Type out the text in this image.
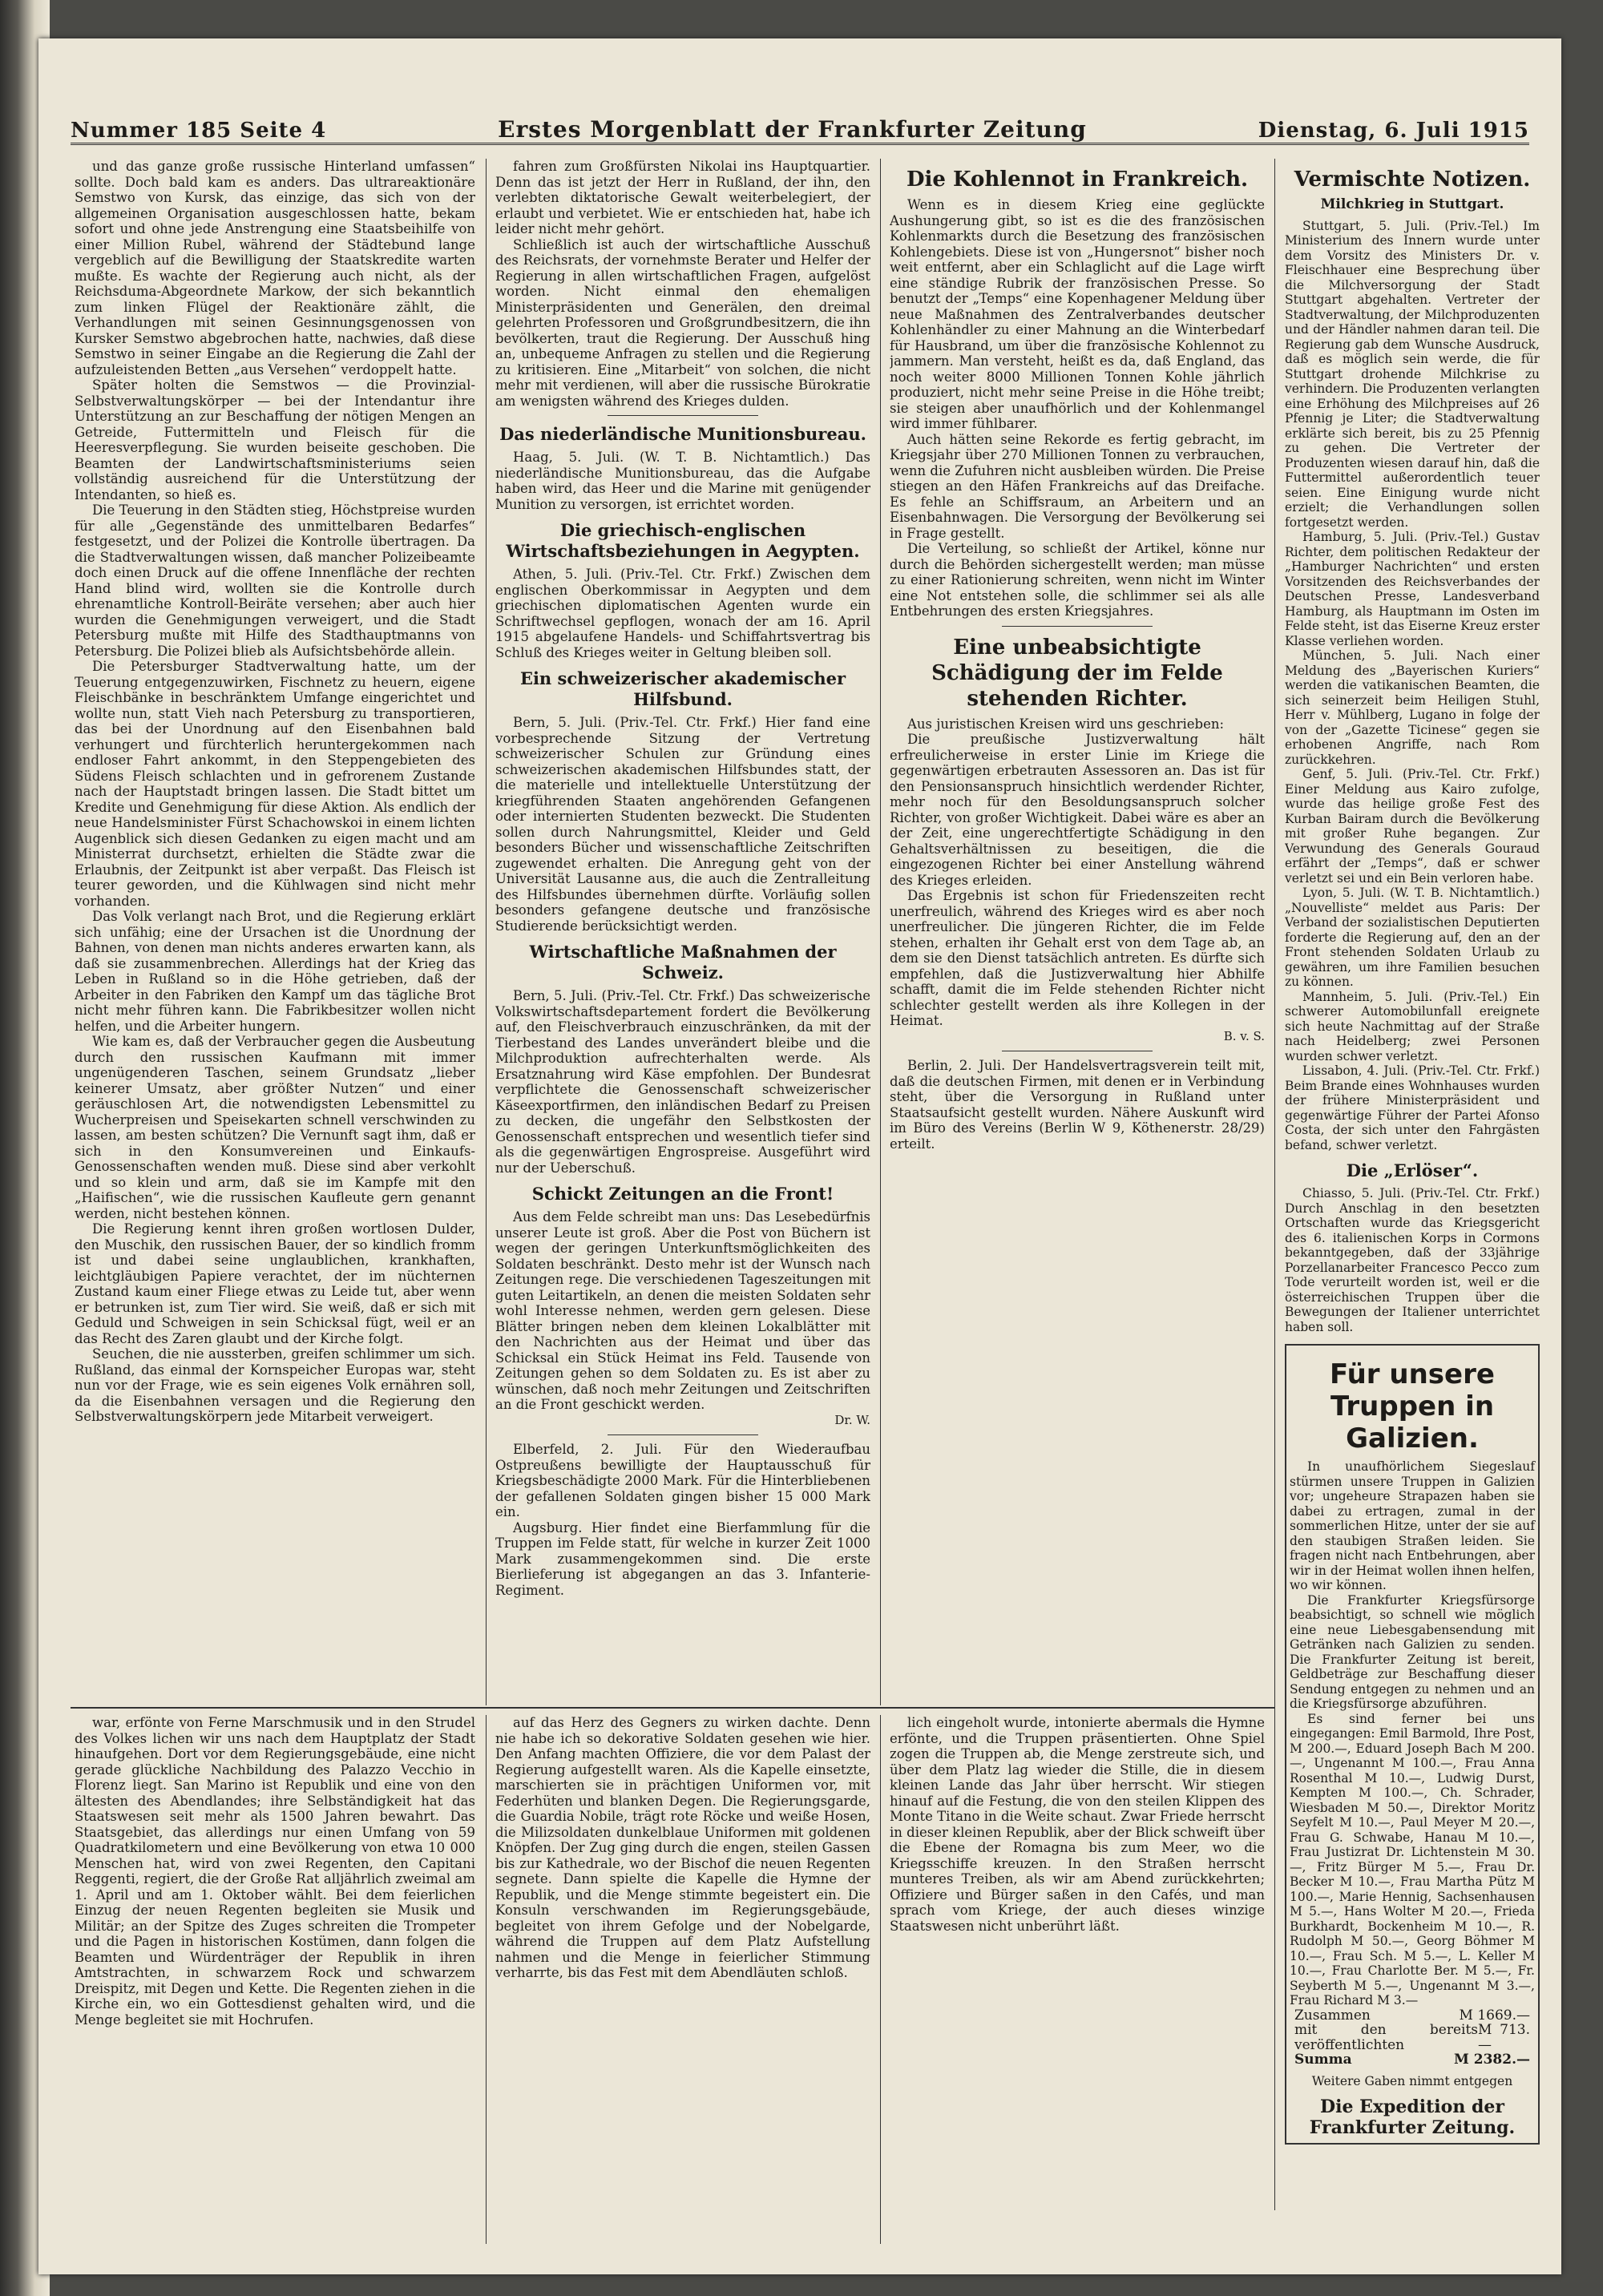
Nummer 185 Seite 4	Erstes Morgenblatt der Frankfurter Zeitung	Dienstag, 6. Juli 1915

und das ganze große russische Hinterland umfassen“ sollte. Doch bald kam es anders. Das ultrareaktionäre Semstwo von Kursk, das einzige, das sich von der allgemeinen Organisation ausgeschlossen hatte, bekam sofort und ohne jede Anstrengung eine Staatsbeihilfe von einer Million Rubel, während der Städtebund lange vergeblich auf die Bewilligung der Staatskredite warten mußte. Es wachte der Regierung auch nicht, als der Reichsduma-Abgeordnete Markow, der sich bekanntlich zum linken Flügel der Reaktionäre zählt, die Verhandlungen mit seinen Gesinnungsgenossen von Kursker Semstwo abgebrochen hatte, nachwies, daß diese Semstwo in seiner Eingabe an die Regierung die Zahl der aufzuleistenden Betten „aus Versehen“ verdoppelt hatte.

Später holten die Semstwos — die Provinzial-Selbstverwaltungskörper — bei der Intendantur ihre Unterstützung an zur Beschaffung der nötigen Mengen an Getreide, Futtermitteln und Fleisch für die Heeresverpflegung. Sie wurden beiseite geschoben. Die Beamten der Landwirtschaftsministeriums seien vollständig ausreichend für die Unterstützung der Intendanten, so hieß es.

Die Teuerung in den Städten stieg, Höchstpreise wurden für alle „Gegenstände des unmittelbaren Bedarfes“ festgesetzt, und der Polizei die Kontrolle übertragen. Da die Stadtverwaltungen wissen, daß mancher Polizeibeamte doch einen Druck auf die offene Innenfläche der rechten Hand blind wird, wollten sie die Kontrolle durch ehrenamtliche Kontroll-Beiräte versehen; aber auch hier wurden die Genehmigungen verweigert, und die Stadt Petersburg mußte mit Hilfe des Stadthauptmanns von Petersburg. Die Polizei blieb als Aufsichtsbehörde allein.

Die Petersburger Stadtverwaltung hatte, um der Teuerung entgegenzuwirken, Fischnetz zu heuern, eigene Fleischbänke in beschränktem Umfange eingerichtet und wollte nun, statt Vieh nach Petersburg zu transportieren, das bei der Unordnung auf den Eisenbahnen bald verhungert und fürchterlich heruntergekommen nach endloser Fahrt ankommt, in den Steppengebieten des Südens Fleisch schlachten und in gefrorenem Zustande nach der Hauptstadt bringen lassen. Die Stadt bittet um Kredite und Genehmigung für diese Aktion. Als endlich der neue Handelsminister Fürst Schachowskoi in einem lichten Augenblick sich diesen Gedanken zu eigen macht und am Ministerrat durchsetzt, erhielten die Städte zwar die Erlaubnis, der Zeitpunkt ist aber verpaßt. Das Fleisch ist teurer geworden, und die Kühlwagen sind nicht mehr vorhanden.

Das Volk verlangt nach Brot, und die Regierung erklärt sich unfähig; eine der Ursachen ist die Unordnung der Bahnen, von denen man nichts anderes erwarten kann, als daß sie zusammenbrechen. Allerdings hat der Krieg das Leben in Rußland so in die Höhe getrieben, daß der Arbeiter in den Fabriken den Kampf um das tägliche Brot nicht mehr führen kann. Die Fabrikbesitzer wollen nicht helfen, und die Arbeiter hungern.

Wie kam es, daß der Verbraucher gegen die Ausbeutung durch den russischen Kaufmann mit immer ungenügenderen Taschen, seinem Grundsatz „lieber keinerer Umsatz, aber größter Nutzen“ und einer geräuschlosen Art, die notwendigsten Lebensmittel zu Wucherpreisen und Speisekarten schnell verschwinden zu lassen, am besten schützen? Die Vernunft sagt ihm, daß er sich in den Konsumvereinen und Einkaufs-Genossenschaften wenden muß. Diese sind aber verkohlt und so klein und arm, daß sie im Kampfe mit den „Haifischen“, wie die russischen Kaufleute gern genannt werden, nicht bestehen können.

Die Regierung kennt ihren großen wortlosen Dulder, den Muschik, den russischen Bauer, der so kindlich fromm ist und dabei seine unglaublichen, krankhaften, leichtgläubigen Papiere verachtet, der im nüchternen Zustand kaum einer Fliege etwas zu Leide tut, aber wenn er betrunken ist, zum Tier wird. Sie weiß, daß er sich mit Geduld und Schweigen in sein Schicksal fügt, weil er an das Recht des Zaren glaubt und der Kirche folgt.

Seuchen, die nie aussterben, greifen schlimmer um sich. Rußland, das einmal der Kornspeicher Europas war, steht nun vor der Frage, wie es sein eigenes Volk ernähren soll, da die Eisenbahnen versagen und die Regierung den Selbstverwaltungskörpern jede Mitarbeit verweigert.

fahren zum Großfürsten Nikolai ins Hauptquartier. Denn das ist jetzt der Herr in Rußland, der ihn, den verlebten diktatorische Gewalt weiterbelegiert, der erlaubt und verbietet. Wie er entschieden hat, habe ich leider nicht mehr gehört.

Schließlich ist auch der wirtschaftliche Ausschuß des Reichsrats, der vornehmste Berater und Helfer der Regierung in allen wirtschaftlichen Fragen, aufgelöst worden. Nicht einmal den ehemaligen Ministerpräsidenten und Generälen, den dreimal gelehrten Professoren und Großgrundbesitzern, die ihn bevölkerten, traut die Regierung. Der Ausschuß hing an, unbequeme Anfragen zu stellen und die Regierung zu kritisieren. Eine „Mitarbeit“ von solchen, die nicht mehr mit verdienen, will aber die russische Bürokratie am wenigsten während des Krieges dulden.

Das niederländische Munitionsbureau.

Haag, 5. Juli. (W. T. B. Nichtamtlich.) Das niederländische Munitionsbureau, das die Aufgabe haben wird, das Heer und die Marine mit genügender Munition zu versorgen, ist errichtet worden.

Die griechisch-englischen Wirtschaftsbeziehungen in Aegypten.

Athen, 5. Juli. (Priv.-Tel. Ctr. Frkf.) Zwischen dem englischen Oberkommissar in Aegypten und dem griechischen diplomatischen Agenten wurde ein Schriftwechsel gepflogen, wonach der am 16. April 1915 abgelaufene Handels- und Schiffahrtsvertrag bis Schluß des Krieges weiter in Geltung bleiben soll.

Ein schweizerischer akademischer Hilfsbund.

Bern, 5. Juli. (Priv.-Tel. Ctr. Frkf.) Hier fand eine vorbesprechende Sitzung der Vertretung schweizerischer Schulen zur Gründung eines schweizerischen akademischen Hilfsbundes statt, der die materielle und intellektuelle Unterstützung der kriegführenden Staaten angehörenden Gefangenen oder internierten Studenten bezweckt. Die Studenten sollen durch Nahrungsmittel, Kleider und Geld besonders Bücher und wissenschaftliche Zeitschriften zugewendet erhalten. Die Anregung geht von der Universität Lausanne aus, die auch die Zentralleitung des Hilfsbundes übernehmen dürfte. Vorläufig sollen besonders gefangene deutsche und französische Studierende berücksichtigt werden.

Wirtschaftliche Maßnahmen der Schweiz.

Bern, 5. Juli. (Priv.-Tel. Ctr. Frkf.) Das schweizerische Volkswirtschaftsdepartement fordert die Bevölkerung auf, den Fleischverbrauch einzuschränken, da mit der Tierbestand des Landes unverändert bleibe und die Milchproduktion aufrechterhalten werde. Als Ersatznahrung wird Käse empfohlen. Der Bundesrat verpflichtete die Genossenschaft schweizerischer Käseexportfirmen, den inländischen Bedarf zu Preisen zu decken, die ungefähr den Selbstkosten der Genossenschaft entsprechen und wesentlich tiefer sind als die gegenwärtigen Engrospreise. Ausgeführt wird nur der Ueberschuß.

Schickt Zeitungen an die Front!

Aus dem Felde schreibt man uns: Das Lesebedürfnis unserer Leute ist groß. Aber die Post von Büchern ist wegen der geringen Unterkunftsmöglichkeiten des Soldaten beschränkt. Desto mehr ist der Wunsch nach Zeitungen rege. Die verschiedenen Tageszeitungen mit guten Leitartikeln, an denen die meisten Soldaten sehr wohl Interesse nehmen, werden gern gelesen. Diese Blätter bringen neben dem kleinen Lokalblätter mit den Nachrichten aus der Heimat und über das Schicksal ein Stück Heimat ins Feld. Tausende von Zeitungen gehen so dem Soldaten zu. Es ist aber zu wünschen, daß noch mehr Zeitungen und Zeitschriften an die Front geschickt werden.

Dr. W.

Elberfeld, 2. Juli. Für den Wiederaufbau Ostpreußens bewilligte der Hauptausschuß für Kriegsbeschädigte 2000 Mark. Für die Hinterbliebenen der gefallenen Soldaten gingen bisher 15 000 Mark ein.

Augsburg. Hier findet eine Bierfammlung für die Truppen im Felde statt, für welche in kurzer Zeit 1000 Mark zusammengekommen sind. Die erste Bierlieferung ist abgegangen an das 3. Infanterie-Regiment.

Die Kohlennot in Frankreich.

Wenn es in diesem Krieg eine geglückte Aushungerung gibt, so ist es die des französischen Kohlenmarkts durch die Besetzung des französischen Kohlengebiets. Diese ist von „Hungersnot“ bisher noch weit entfernt, aber ein Schlaglicht auf die Lage wirft eine ständige Rubrik der französischen Presse. So benutzt der „Temps“ eine Kopenhagener Meldung über neue Maßnahmen des Zentralverbandes deutscher Kohlenhändler zu einer Mahnung an die Winterbedarf für Hausbrand, um über die französische Kohlennot zu jammern. Man versteht, heißt es da, daß England, das noch weiter 8000 Millionen Tonnen Kohle jährlich produziert, nicht mehr seine Preise in die Höhe treibt; sie steigen aber unaufhörlich und der Kohlenmangel wird immer fühlbarer.

Auch hätten seine Rekorde es fertig gebracht, im Kriegsjahr über 270 Millionen Tonnen zu verbrauchen, wenn die Zufuhren nicht ausbleiben würden. Die Preise stiegen an den Häfen Frankreichs auf das Dreifache. Es fehle an Schiffsraum, an Arbeitern und an Eisenbahnwagen. Die Versorgung der Bevölkerung sei in Frage gestellt.

Die Verteilung, so schließt der Artikel, könne nur durch die Behörden sichergestellt werden; man müsse zu einer Rationierung schreiten, wenn nicht im Winter eine Not entstehen solle, die schlimmer sei als alle Entbehrungen des ersten Kriegsjahres.

Eine unbeabsichtigte Schädigung der im Felde stehenden Richter.

Aus juristischen Kreisen wird uns geschrieben:

Die preußische Justizverwaltung hält erfreulicherweise in erster Linie im Kriege die gegenwärtigen erbetrauten Assessoren an. Das ist für den Pensionsanspruch hinsichtlich werdender Richter, mehr noch für den Besoldungsanspruch solcher Richter, von großer Wichtigkeit. Dabei wäre es aber an der Zeit, eine ungerechtfertigte Schädigung in den Gehaltsverhältnissen zu beseitigen, die die eingezogenen Richter bei einer Anstellung während des Krieges erleiden.

Das Ergebnis ist schon für Friedenszeiten recht unerfreulich, während des Krieges wird es aber noch unerfreulicher. Die jüngeren Richter, die im Felde stehen, erhalten ihr Gehalt erst von dem Tage ab, an dem sie den Dienst tatsächlich antreten. Es dürfte sich empfehlen, daß die Justizverwaltung hier Abhilfe schafft, damit die im Felde stehenden Richter nicht schlechter gestellt werden als ihre Kollegen in der Heimat.

B. v. S.

Berlin, 2. Juli. Der Handelsvertragsverein teilt mit, daß die deutschen Firmen, mit denen er in Verbindung steht, über die Versorgung in Rußland unter Staatsaufsicht gestellt wurden. Nähere Auskunft wird im Büro des Vereins (Berlin W 9, Köthenerstr. 28/29) erteilt.

Vermischte Notizen.
Milchkrieg in Stuttgart.

Stuttgart, 5. Juli. (Priv.-Tel.) Im Ministerium des Innern wurde unter dem Vorsitz des Ministers Dr. v. Fleischhauer eine Besprechung über die Milchversorgung der Stadt Stuttgart abgehalten. Vertreter der Stadtverwaltung, der Milchproduzenten und der Händler nahmen daran teil. Die Regierung gab dem Wunsche Ausdruck, daß es möglich sein werde, die für Stuttgart drohende Milchkrise zu verhindern. Die Produzenten verlangten eine Erhöhung des Milchpreises auf 26 Pfennig je Liter; die Stadtverwaltung erklärte sich bereit, bis zu 25 Pfennig zu gehen. Die Vertreter der Produzenten wiesen darauf hin, daß die Futtermittel außerordentlich teuer seien. Eine Einigung wurde nicht erzielt; die Verhandlungen sollen fortgesetzt werden.

Hamburg, 5. Juli. (Priv.-Tel.) Gustav Richter, dem politischen Redakteur der „Hamburger Nachrichten“ und ersten Vorsitzenden des Reichsverbandes der Deutschen Presse, Landesverband Hamburg, als Hauptmann im Osten im Felde steht, ist das Eiserne Kreuz erster Klasse verliehen worden.

München, 5. Juli. Nach einer Meldung des „Bayerischen Kuriers“ werden die vatikanischen Beamten, die sich seinerzeit beim Heiligen Stuhl, Herr v. Mühlberg, Lugano in folge der von der „Gazette Ticinese“ gegen sie erhobenen Angriffe, nach Rom zurückkehren.

Genf, 5. Juli. (Priv.-Tel. Ctr. Frkf.) Einer Meldung aus Kairo zufolge, wurde das heilige große Fest des Kurban Bairam durch die Bevölkerung mit großer Ruhe begangen. Zur Verwundung des Generals Gouraud erfährt der „Temps“, daß er schwer verletzt sei und ein Bein verloren habe.

Lyon, 5. Juli. (W. T. B. Nichtamtlich.) „Nouvelliste“ meldet aus Paris: Der Verband der sozialistischen Deputierten forderte die Regierung auf, den an der Front stehenden Soldaten Urlaub zu gewähren, um ihre Familien besuchen zu können.

Mannheim, 5. Juli. (Priv.-Tel.) Ein schwerer Automobilunfall ereignete sich heute Nachmittag auf der Straße nach Heidelberg; zwei Personen wurden schwer verletzt.

Lissabon, 4. Juli. (Priv.-Tel. Ctr. Frkf.) Beim Brande eines Wohnhauses wurden der frühere Ministerpräsident und gegenwärtige Führer der Partei Afonso Costa, der sich unter den Fahrgästen befand, schwer verletzt.

Die „Erlöser“.

Chiasso, 5. Juli. (Priv.-Tel. Ctr. Frkf.) Durch Anschlag in den besetzten Ortschaften wurde das Kriegsgericht des 6. italienischen Korps in Cormons bekanntgegeben, daß der 33jährige Porzellanarbeiter Francesco Pecco zum Tode verurteilt worden ist, weil er die österreichischen Truppen über die Bewegungen der Italiener unterrichtet haben soll.

Für unsere Truppen in Galizien.

In unaufhörlichem Siegeslauf stürmen unsere Truppen in Galizien vor; ungeheure Strapazen haben sie dabei zu ertragen, zumal in der sommerlichen Hitze, unter der sie auf den staubigen Straßen leiden. Sie fragen nicht nach Entbehrungen, aber wir in der Heimat wollen ihnen helfen, wo wir können.

Die Frankfurter Kriegsfürsorge beabsichtigt, so schnell wie möglich eine neue Liebesgabensendung mit Getränken nach Galizien zu senden. Die Frankfurter Zeitung ist bereit, Geldbeträge zur Beschaffung dieser Sendung entgegen zu nehmen und an die Kriegsfürsorge abzuführen.

Es sind ferner bei uns eingegangen: Emil Barmold, Ihre Post, M 200.—, Eduard Joseph Bach M 200.—, Ungenannt M 100.—, Frau Anna Rosenthal M 10.—, Ludwig Durst, Kempten M 100.—, Ch. Schrader, Wiesbaden M 50.—, Direktor Moritz Seyfelt M 10.—, Paul Meyer M 20.—, Frau G. Schwabe, Hanau M 10.—, Frau Justizrat Dr. Lichtenstein M 30.—, Fritz Bürger M 5.—, Frau Dr. Becker M 10.—, Frau Martha Pütz M 100.—, Marie Hennig, Sachsenhausen M 5.—, Hans Wolter M 20.—, Frieda Burkhardt, Bockenheim M 10.—, R. Rudolph M 50.—, Georg Böhmer M 10.—, Frau Sch. M 5.—, L. Keller M 10.—, Frau Charlotte Ber. M 5.—, Fr. Seyberth M 5.—, Ungenannt M 3.—, Frau Richard M 3.—

Zusammen	M 1669.—
mit den bereits veröffentlichten
M 713.—
Summa	M 2382.—
Weitere Gaben nimmt entgegen
Die Expedition der Frankfurter Zeitung.

war, erfönte von Ferne Marschmusik und in den Strudel des Volkes lichen wir uns nach dem Hauptplatz der Stadt hinaufgehen. Dort vor dem Regierungsgebäude, eine nicht gerade glückliche Nachbildung des Palazzo Vecchio in Florenz liegt. San Marino ist Republik und eine von den ältesten des Abendlandes; ihre Selbständigkeit hat das Staatswesen seit mehr als 1500 Jahren bewahrt. Das Staatsgebiet, das allerdings nur einen Umfang von 59 Quadratkilometern und eine Bevölkerung von etwa 10 000 Menschen hat, wird von zwei Regenten, den Capitani Reggenti, regiert, die der Große Rat alljährlich zweimal am 1. April und am 1. Oktober wählt. Bei dem feierlichen Einzug der neuen Regenten begleiten sie Musik und Militär; an der Spitze des Zuges schreiten die Trompeter und die Pagen in historischen Kostümen, dann folgen die Beamten und Würdenträger der Republik in ihren Amtstrachten, in schwarzem Rock und schwarzem Dreispitz, mit Degen und Kette. Die Regenten ziehen in die Kirche ein, wo ein Gottesdienst gehalten wird, und die Menge begleitet sie mit Hochrufen.

auf das Herz des Gegners zu wirken dachte. Denn nie habe ich so dekorative Soldaten gesehen wie hier. Den Anfang machten Offiziere, die vor dem Palast der Regierung aufgestellt waren. Als die Kapelle einsetzte, marschierten sie in prächtigen Uniformen vor, mit Federhüten und blanken Degen. Die Regierungsgarde, die Guardia Nobile, trägt rote Röcke und weiße Hosen, die Milizsoldaten dunkelblaue Uniformen mit goldenen Knöpfen. Der Zug ging durch die engen, steilen Gassen bis zur Kathedrale, wo der Bischof die neuen Regenten segnete. Dann spielte die Kapelle die Hymne der Republik, und die Menge stimmte begeistert ein. Die Konsuln verschwanden im Regierungsgebäude, begleitet von ihrem Gefolge und der Nobelgarde, während die Truppen auf dem Platz Aufstellung nahmen und die Menge in feierlicher Stimmung verharrte, bis das Fest mit dem Abendläuten schloß.

lich eingeholt wurde, intonierte abermals die Hymne erfönte, und die Truppen präsentierten. Ohne Spiel zogen die Truppen ab, die Menge zerstreute sich, und über dem Platz lag wieder die Stille, die in diesem kleinen Lande das Jahr über herrscht. Wir stiegen hinauf auf die Festung, die von den steilen Klippen des Monte Titano in die Weite schaut. Zwar Friede herrscht in dieser kleinen Republik, aber der Blick schweift über die Ebene der Romagna bis zum Meer, wo die Kriegsschiffe kreuzen. In den Straßen herrscht munteres Treiben, als wir am Abend zurückkehrten; Offiziere und Bürger saßen in den Cafés, und man sprach vom Kriege, der auch dieses winzige Staatswesen nicht unberührt läßt.
